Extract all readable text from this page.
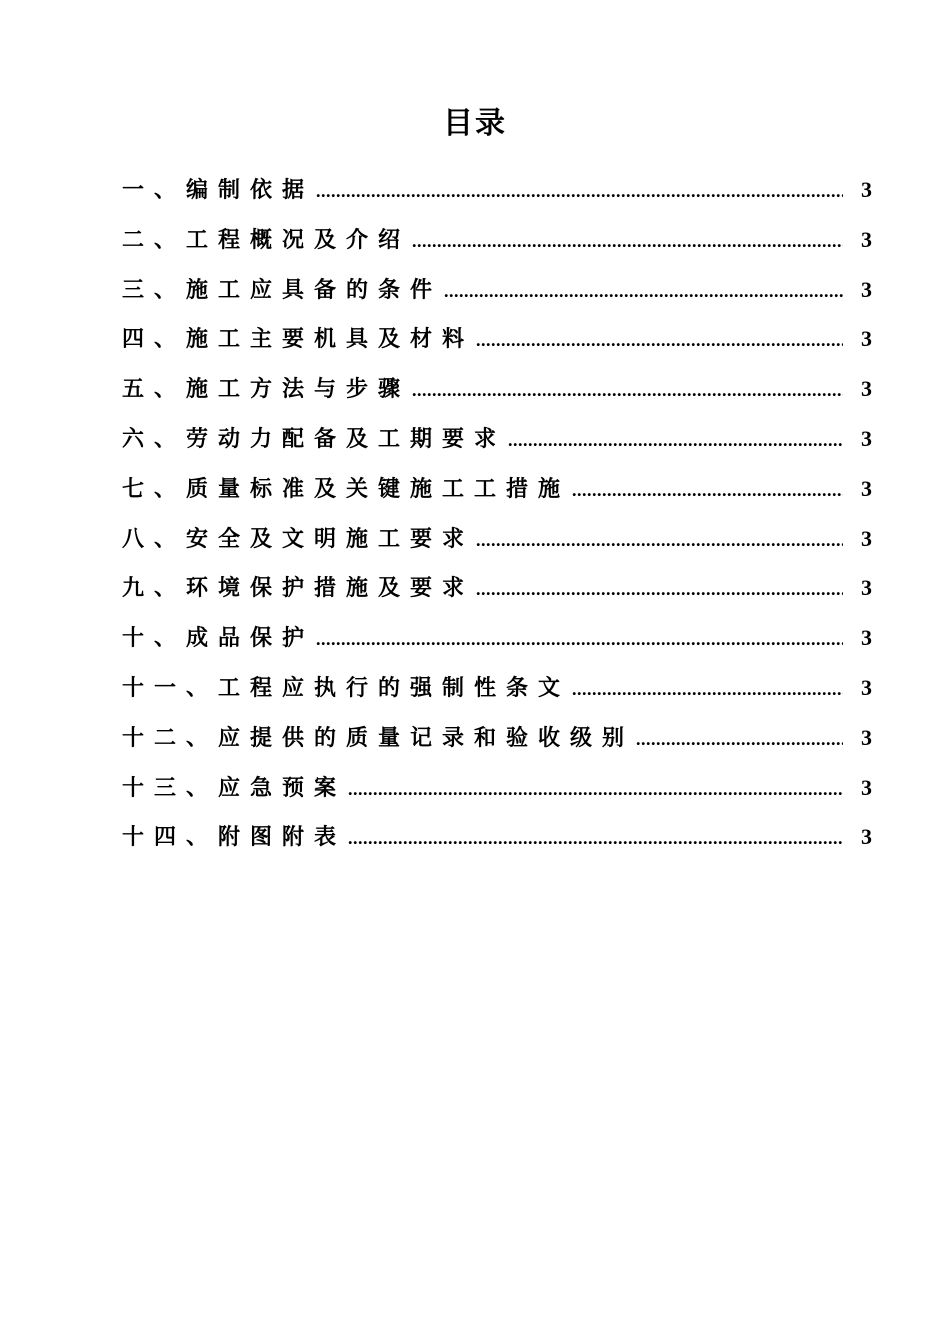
目录
一、编制依据 .....	3
二、工程概况及介绍 .....	3
三、施工应具备的条件 .....	3
四、施工主要机具及材料 .....	3
五、施工方法与步骤 .....	3
六、劳动力配备及工期要求 .....	3
七、质量标准及关键施工工措施 .....	3
八、安全及文明施工要求 .....	3
九、环境保护措施及要求 .....	3
十、成品保护 .....	3
十一、工程应执行的强制性条文 .....	3
十二、应提供的质量记录和验收级别 .....	3
十三、应急预案 .....	3
十四、附图附表 .....	3
